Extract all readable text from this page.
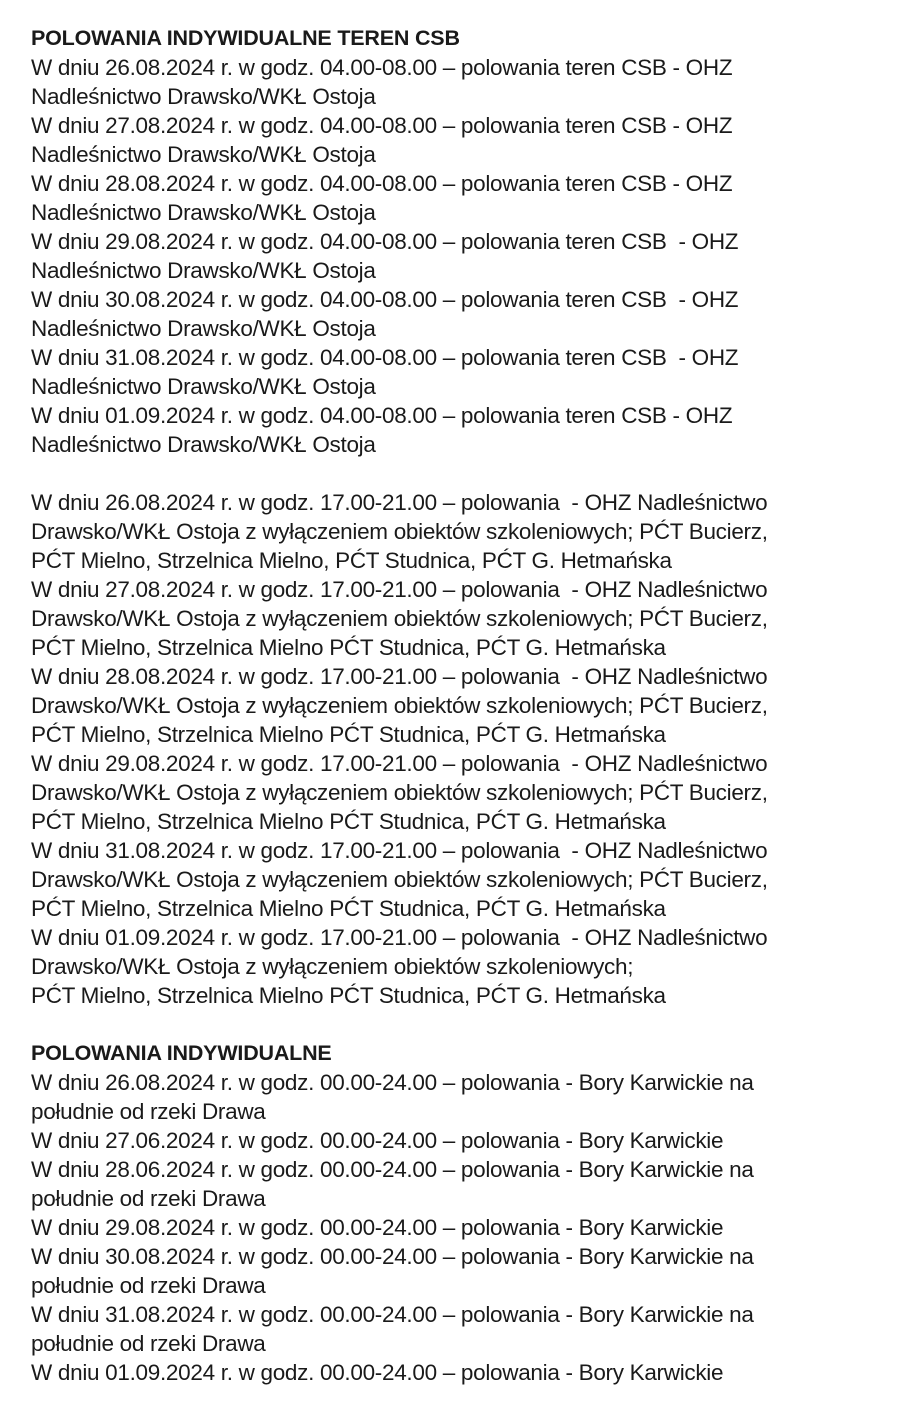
POLOWANIA INDYWIDUALNE TEREN CSB
W dniu 26.08.2024 r. w godz. 04.00-08.00 – polowania teren CSB - OHZ
Nadleśnictwo Drawsko/WKŁ Ostoja
W dniu 27.08.2024 r. w godz. 04.00-08.00 – polowania teren CSB - OHZ
Nadleśnictwo Drawsko/WKŁ Ostoja
W dniu 28.08.2024 r. w godz. 04.00-08.00 – polowania teren CSB - OHZ
Nadleśnictwo Drawsko/WKŁ Ostoja
W dniu 29.08.2024 r. w godz. 04.00-08.00 – polowania teren CSB  - OHZ
Nadleśnictwo Drawsko/WKŁ Ostoja
W dniu 30.08.2024 r. w godz. 04.00-08.00 – polowania teren CSB  - OHZ
Nadleśnictwo Drawsko/WKŁ Ostoja
W dniu 31.08.2024 r. w godz. 04.00-08.00 – polowania teren CSB  - OHZ
Nadleśnictwo Drawsko/WKŁ Ostoja
W dniu 01.09.2024 r. w godz. 04.00-08.00 – polowania teren CSB - OHZ
Nadleśnictwo Drawsko/WKŁ Ostoja
W dniu 26.08.2024 r. w godz. 17.00-21.00 – polowania  - OHZ Nadleśnictwo
Drawsko/WKŁ Ostoja z wyłączeniem obiektów szkoleniowych; PĆT Bucierz,
PĆT Mielno, Strzelnica Mielno, PĆT Studnica, PĆT G. Hetmańska
W dniu 27.08.2024 r. w godz. 17.00-21.00 – polowania  - OHZ Nadleśnictwo
Drawsko/WKŁ Ostoja z wyłączeniem obiektów szkoleniowych; PĆT Bucierz,
PĆT Mielno, Strzelnica Mielno PĆT Studnica, PĆT G. Hetmańska
W dniu 28.08.2024 r. w godz. 17.00-21.00 – polowania  - OHZ Nadleśnictwo
Drawsko/WKŁ Ostoja z wyłączeniem obiektów szkoleniowych; PĆT Bucierz,
PĆT Mielno, Strzelnica Mielno PĆT Studnica, PĆT G. Hetmańska
W dniu 29.08.2024 r. w godz. 17.00-21.00 – polowania  - OHZ Nadleśnictwo
Drawsko/WKŁ Ostoja z wyłączeniem obiektów szkoleniowych; PĆT Bucierz,
PĆT Mielno, Strzelnica Mielno PĆT Studnica, PĆT G. Hetmańska
W dniu 31.08.2024 r. w godz. 17.00-21.00 – polowania  - OHZ Nadleśnictwo
Drawsko/WKŁ Ostoja z wyłączeniem obiektów szkoleniowych; PĆT Bucierz,
PĆT Mielno, Strzelnica Mielno PĆT Studnica, PĆT G. Hetmańska
W dniu 01.09.2024 r. w godz. 17.00-21.00 – polowania  - OHZ Nadleśnictwo
Drawsko/WKŁ Ostoja z wyłączeniem obiektów szkoleniowych;
PĆT Mielno, Strzelnica Mielno PĆT Studnica, PĆT G. Hetmańska
POLOWANIA INDYWIDUALNE
W dniu 26.08.2024 r. w godz. 00.00-24.00 – polowania - Bory Karwickie na
południe od rzeki Drawa
W dniu 27.06.2024 r. w godz. 00.00-24.00 – polowania - Bory Karwickie
W dniu 28.06.2024 r. w godz. 00.00-24.00 – polowania - Bory Karwickie na
południe od rzeki Drawa
W dniu 29.08.2024 r. w godz. 00.00-24.00 – polowania - Bory Karwickie
W dniu 30.08.2024 r. w godz. 00.00-24.00 – polowania - Bory Karwickie na
południe od rzeki Drawa
W dniu 31.08.2024 r. w godz. 00.00-24.00 – polowania - Bory Karwickie na
południe od rzeki Drawa
W dniu 01.09.2024 r. w godz. 00.00-24.00 – polowania - Bory Karwickie
